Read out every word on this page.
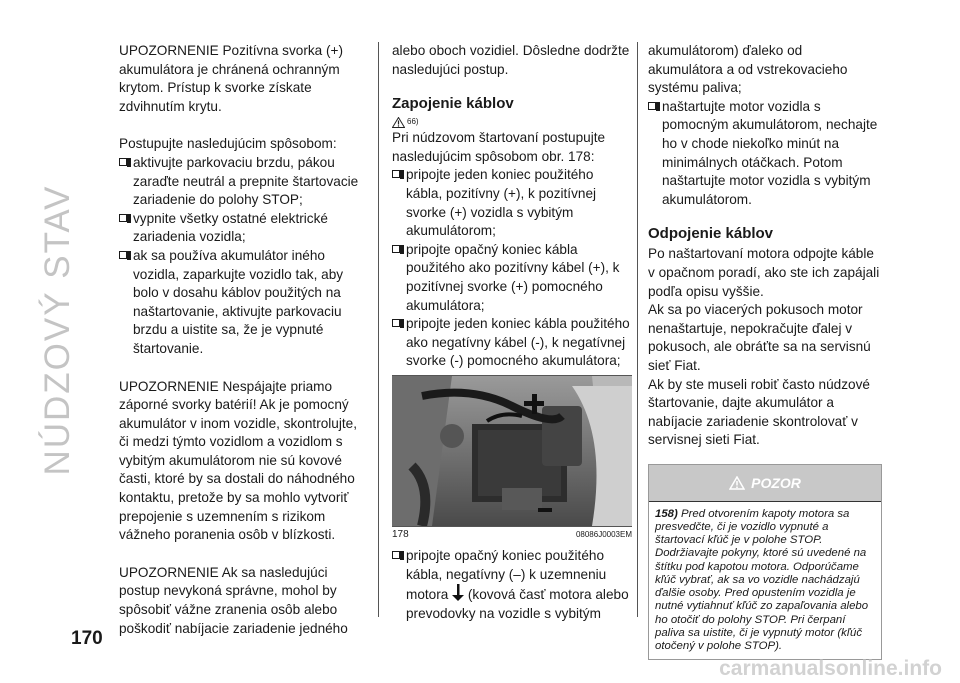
NÚDZOVÝ STAV
170

UPOZORNENIE Pozitívna svorka (+) akumulátora je chránená ochranným krytom. Prístup k svorke získate zdvihnutím krytu.

Postupujte nasledujúcim spôsobom:

aktivujte parkovaciu brzdu, pákou zaraďte neutrál a prepnite štartovacie zariadenie do polohy STOP;
vypnite všetky ostatné elektrické zariadenia vozidla;
ak sa používa akumulátor iného vozidla, zaparkujte vozidlo tak, aby bolo v dosahu káblov použitých na naštartovanie, aktivujte parkovaciu brzdu a uistite sa, že je vypnuté štartovanie.

UPOZORNENIE Nespájajte priamo záporné svorky batérií! Ak je pomocný akumulátor v inom vozidle, skontrolujte, či medzi týmto vozidlom a vozidlom s vybitým akumulátorom nie sú kovové časti, ktoré by sa dostali do náhodného kontaktu, pretože by sa mohlo vytvoriť prepojenie s uzemnením s rizikom vážneho poranenia osôb v blízkosti.

UPOZORNENIE Ak sa nasledujúci postup nevykoná správne, mohol by spôsobiť vážne zranenia osôb alebo poškodiť nabíjacie zariadenie jedného

alebo oboch vozidiel. Dôsledne dodržte nasledujúci postup.

Zapojenie káblov
66)

Pri núdzovom štartovaní postupujte nasledujúcim spôsobom obr. 178:

pripojte jeden koniec použitého kábla, pozitívny (+), k pozitívnej svorke (+) vozidla s vybitým akumulátorom;
pripojte opačný koniec kábla použitého ako pozitívny kábel (+), k pozitívnej svorke (+) pomocného akumulátora;
pripojte jeden koniec kábla použitého ako negatívny kábel (-), k negatívnej svorke (-) pomocného akumulátora;
178	08086J0003EM
pripojte opačný koniec použitého kábla, negatívny (–) k uzemneniu motora (kovová časť motora alebo prevodovky na vozidle s vybitým

akumulátorom) ďaleko od akumulátora a od vstrekovacieho systému paliva;

naštartujte motor vozidla s pomocným akumulátorom, nechajte ho v chode niekoľko minút na minimálnych otáčkach. Potom naštartujte motor vozidla s vybitým akumulátorom.
Odpojenie káblov

Po naštartovaní motora odpojte káble v opačnom poradí, ako ste ich zapájali podľa opisu vyššie.

Ak sa po viacerých pokusoch motor nenaštartuje, nepokračujte ďalej v pokusoch, ale obráťte sa na servisnú sieť Fiat.

Ak by ste museli robiť často núdzové štartovanie, dajte akumulátor a nabíjacie zariadenie skontrolovať v servisnej sieti Fiat.

POZOR
158) Pred otvorením kapoty motora sa presvedčte, či je vozidlo vypnuté a štartovací kľúč je v polohe STOP. Dodržiavajte pokyny, ktoré sú uvedené na štítku pod kapotou motora. Odporúčame kľúč vybrať, ak sa vo vozidle nachádzajú ďalšie osoby. Pred opustením vozidla je nutné vytiahnuť kľúč zo zapaľovania alebo ho otočiť do polohy STOP. Pri čerpaní paliva sa uistite, či je vypnutý motor (kľúč otočený v polohe STOP).
carmanualsonline.info
